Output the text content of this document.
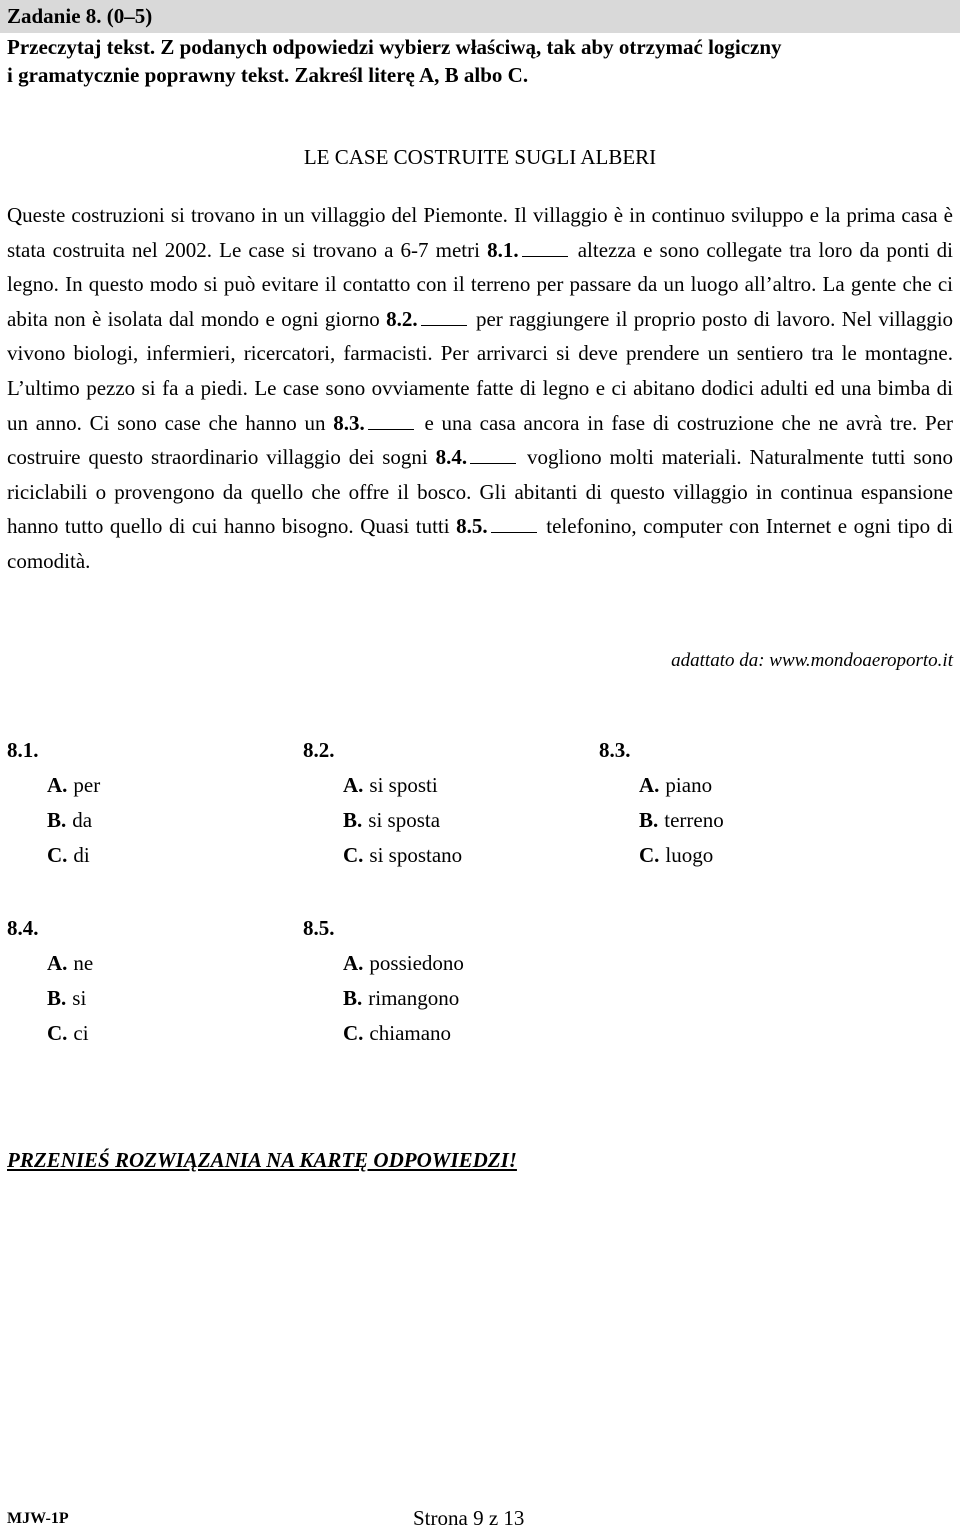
Zadanie 8. (0–5)
Przeczytaj tekst. Z podanych odpowiedzi wybierz właściwą, tak aby otrzymać logiczny
i gramatycznie poprawny tekst. Zakreśl literę A, B albo C.
LE CASE COSTRUITE SUGLI ALBERI
Queste costruzioni si trovano in un villaggio del Piemonte. Il villaggio è in continuo sviluppo e la prima casa è stata costruita nel 2002. Le case si trovano a 6-7 metri 8.1.	altezza e sono collegate tra loro da ponti di legno. In questo modo si può evitare il contatto con il terreno per passare da un luogo all’altro. La gente che ci abita non è isolata dal mondo e ogni giorno 8.2.	per raggiungere il proprio posto di lavoro. Nel villaggio vivono biologi, infermieri, ricercatori, farmacisti. Per arrivarci si deve prendere un sentiero tra le montagne. L’ultimo pezzo si fa a piedi. Le case sono ovviamente fatte di legno e ci abitano dodici adulti ed una bimba di un anno. Ci sono case che hanno un 8.3.	e una casa ancora in fase di costruzione che ne avrà tre. Per costruire questo straordinario villaggio dei sogni 8.4.	vogliono molti materiali. Naturalmente tutti sono riciclabili o provengono da quello che offre il bosco. Gli abitanti di questo villaggio in continua espansione hanno tutto quello di cui hanno bisogno. Quasi tutti 8.5.	telefonino, computer con Internet e ogni tipo di comodità.
adattato da: www.mondoaeroporto.it
8.1.
A. per
B. da
C. di
8.2.
A. si sposti
B. si sposta
C. si spostano
8.3.
A. piano
B. terreno
C. luogo
8.4.
A. ne
B. si
C. ci
8.5.
A. possiedono
B. rimangono
C. chiamano
PRZENIEŚ ROZWIĄZANIA NA KARTĘ ODPOWIEDZI!
MJW-1P	Strona 9 z 13
